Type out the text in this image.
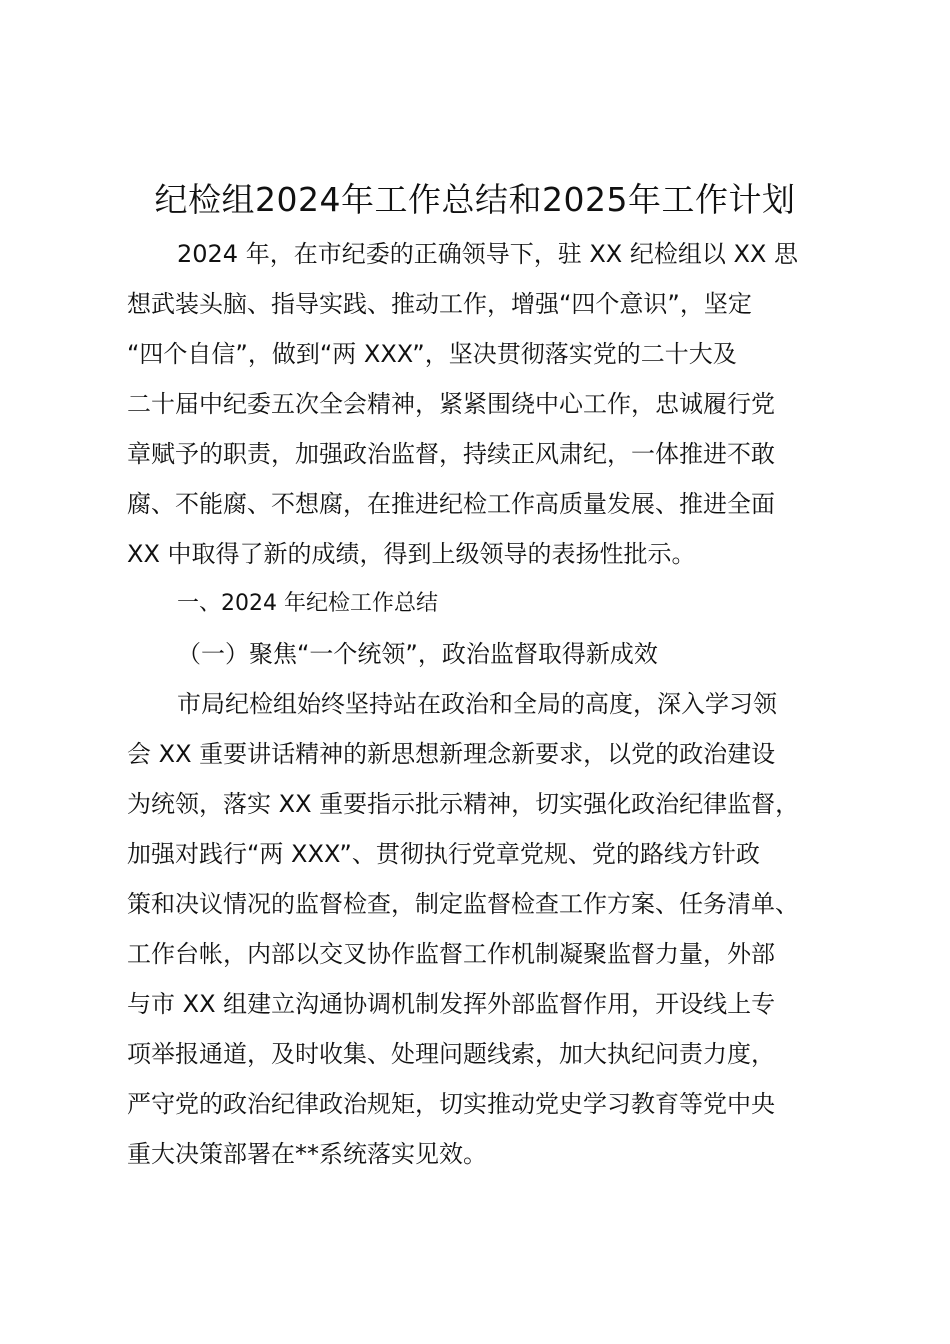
纪检组2024年工作总结和2025年工作计划
2024 年，在市纪委的正确领导下，驻 XX 纪检组以 XX 思
想武装头脑、指导实践、推动工作，增强“四个意识”，坚定
“四个自信”，做到“两 XXX”，坚决贯彻落实党的二十大及
二十届中纪委五次全会精神，紧紧围绕中心工作，忠诚履行党
章赋予的职责，加强政治监督，持续正风肃纪，一体推进不敢
腐、不能腐、不想腐，在推进纪检工作高质量发展、推进全面
XX 中取得了新的成绩，得到上级领导的表扬性批示。
一、2024 年纪检工作总结
（一）聚焦“一个统领”，政治监督取得新成效
市局纪检组始终坚持站在政治和全局的高度，深入学习领
会 XX 重要讲话精神的新思想新理念新要求，以党的政治建设
为统领，落实 XX 重要指示批示精神，切实强化政治纪律监督，
加强对践行“两 XXX”、贯彻执行党章党规、党的路线方针政
策和决议情况的监督检查，制定监督检查工作方案、任务清单、
工作台帐，内部以交叉协作监督工作机制凝聚监督力量，外部
与市 XX 组建立沟通协调机制发挥外部监督作用，开设线上专
项举报通道，及时收集、处理问题线索，加大执纪问责力度，
严守党的政治纪律政治规矩，切实推动党史学习教育等党中央
重大决策部署在**系统落实见效。
